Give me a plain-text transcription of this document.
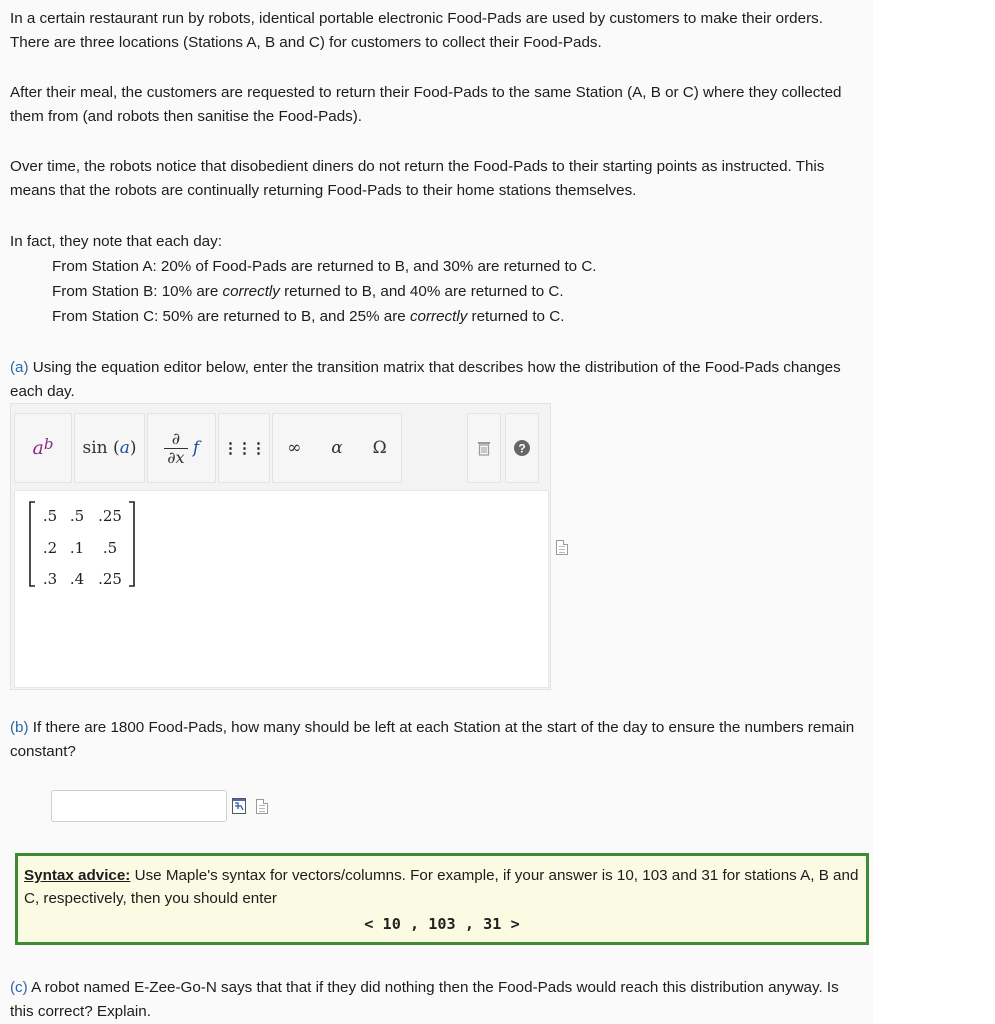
In a certain restaurant run by robots, identical portable electronic Food-Pads are used by customers to make their orders. There are three locations (Stations A, B and C) for customers to collect their Food-Pads.

After their meal, the customers are requested to return their Food-Pads to the same Station (A, B or C) where they collected them from (and robots then sanitise the Food-Pads).

Over time, the robots notice that disobedient diners do not return the Food-Pads to their starting points as instructed. This means that the robots are continually returning Food-Pads to their home stations themselves.

In fact, they note that each day:

From Station A: 20% of Food-Pads are returned to B, and 30% are returned to C.

From Station B: 10% are correctly returned to B, and 40% are returned to C.

From Station C: 50% are returned to B, and 25% are correctly returned to C.

(a) Using the equation editor below, enter the transition matrix that describes how the distribution of the Food-Pads changes each day.

$a^b$ sin ( a )	∂
∂x f ⋮⋮⋮	∞	α	Ω	?
.5 .5 .25
.2 .1	.5
.3 .4 .25

(b) If there are 1800 Food-Pads, how many should be left at each Station at the start of the day to ensure the numbers remain constant?

Syntax advice: Use Maple's syntax for vectors/columns. For example, if your answer is 10, 103 and 31 for stations A, B and C, respectively, then you should enter

< 10 , 103 , 31 >

(c) A robot named E-Zee-Go-N says that that if they did nothing then the Food-Pads would reach this distribution anyway. Is this correct? Explain.
